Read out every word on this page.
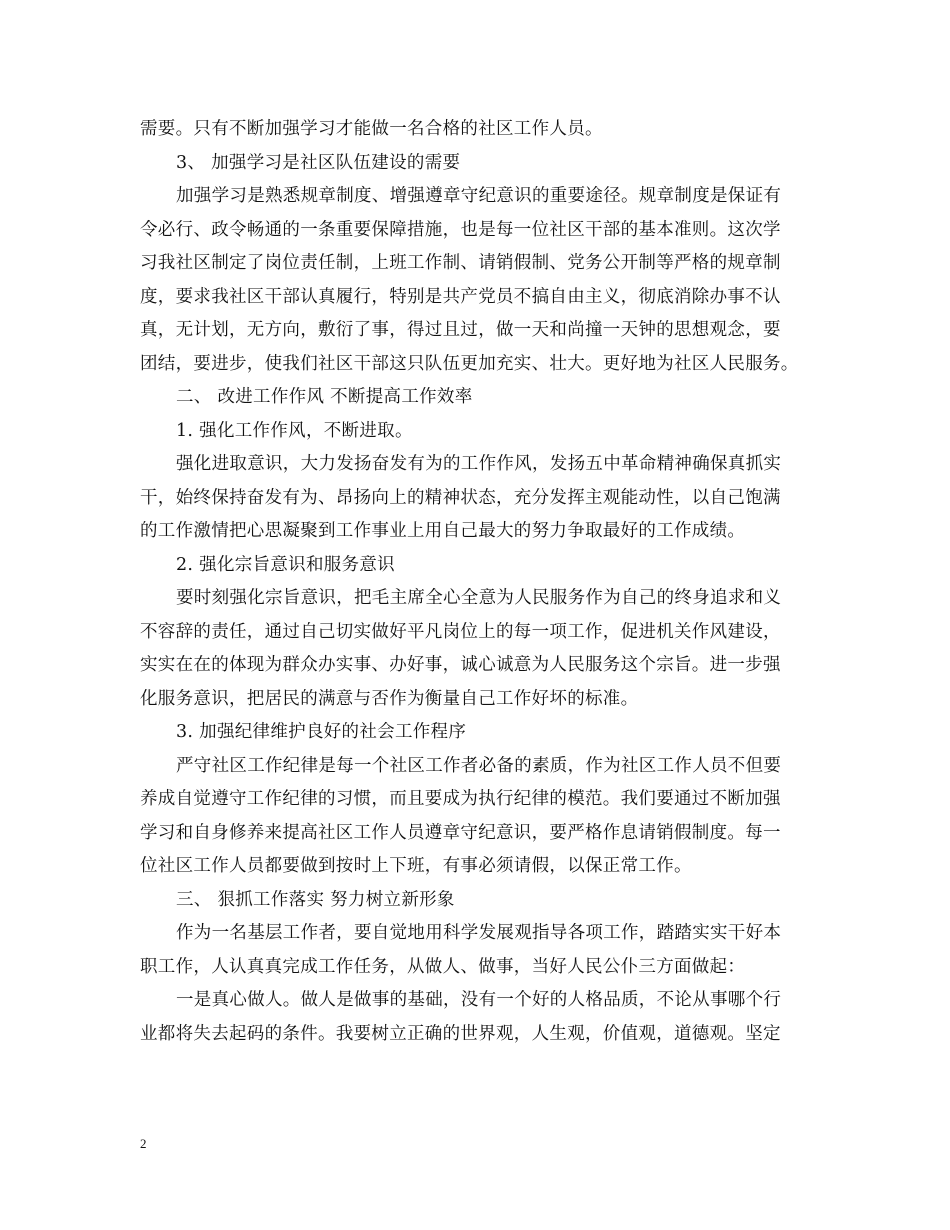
需要。只有不断加强学习才能做一名合格的社区工作人员。
3、 加强学习是社区队伍建设的需要
加强学习是熟悉规章制度、增强遵章守纪意识的重要途径。规章制度是保证有
令必行、政令畅通的一条重要保障措施，也是每一位社区干部的基本准则。这次学
习我社区制定了岗位责任制，上班工作制、请销假制、党务公开制等严格的规章制
度，要求我社区干部认真履行，特别是共产党员不搞自由主义，彻底消除办事不认
真，无计划，无方向，敷衍了事，得过且过，做一天和尚撞一天钟的思想观念，要
团结，要进步，使我们社区干部这只队伍更加充实、壮大。更好地为社区人民服务。
二、 改进工作作风 不断提高工作效率
1. 强化工作作风，不断进取。
强化进取意识，大力发扬奋发有为的工作作风，发扬五中革命精神确保真抓实
干，始终保持奋发有为、昂扬向上的精神状态，充分发挥主观能动性，以自己饱满
的工作激情把心思凝聚到工作事业上用自己最大的努力争取最好的工作成绩。
2. 强化宗旨意识和服务意识
要时刻强化宗旨意识，把毛主席全心全意为人民服务作为自己的终身追求和义
不容辞的责任，通过自己切实做好平凡岗位上的每一项工作，促进机关作风建设，
实实在在的体现为群众办实事、办好事，诚心诚意为人民服务这个宗旨。进一步强
化服务意识，把居民的满意与否作为衡量自己工作好坏的标准。
3. 加强纪律维护良好的社会工作程序
严守社区工作纪律是每一个社区工作者必备的素质，作为社区工作人员不但要
养成自觉遵守工作纪律的习惯，而且要成为执行纪律的模范。我们要通过不断加强
学习和自身修养来提高社区工作人员遵章守纪意识，要严格作息请销假制度。每一
位社区工作人员都要做到按时上下班，有事必须请假，以保正常工作。
三、 狠抓工作落实 努力树立新形象
作为一名基层工作者，要自觉地用科学发展观指导各项工作，踏踏实实干好本
职工作，人认真真完成工作任务，从做人、做事，当好人民公仆三方面做起：
一是真心做人。做人是做事的基础，没有一个好的人格品质，不论从事哪个行
业都将失去起码的条件。我要树立正确的世界观，人生观，价值观，道德观。坚定
2
